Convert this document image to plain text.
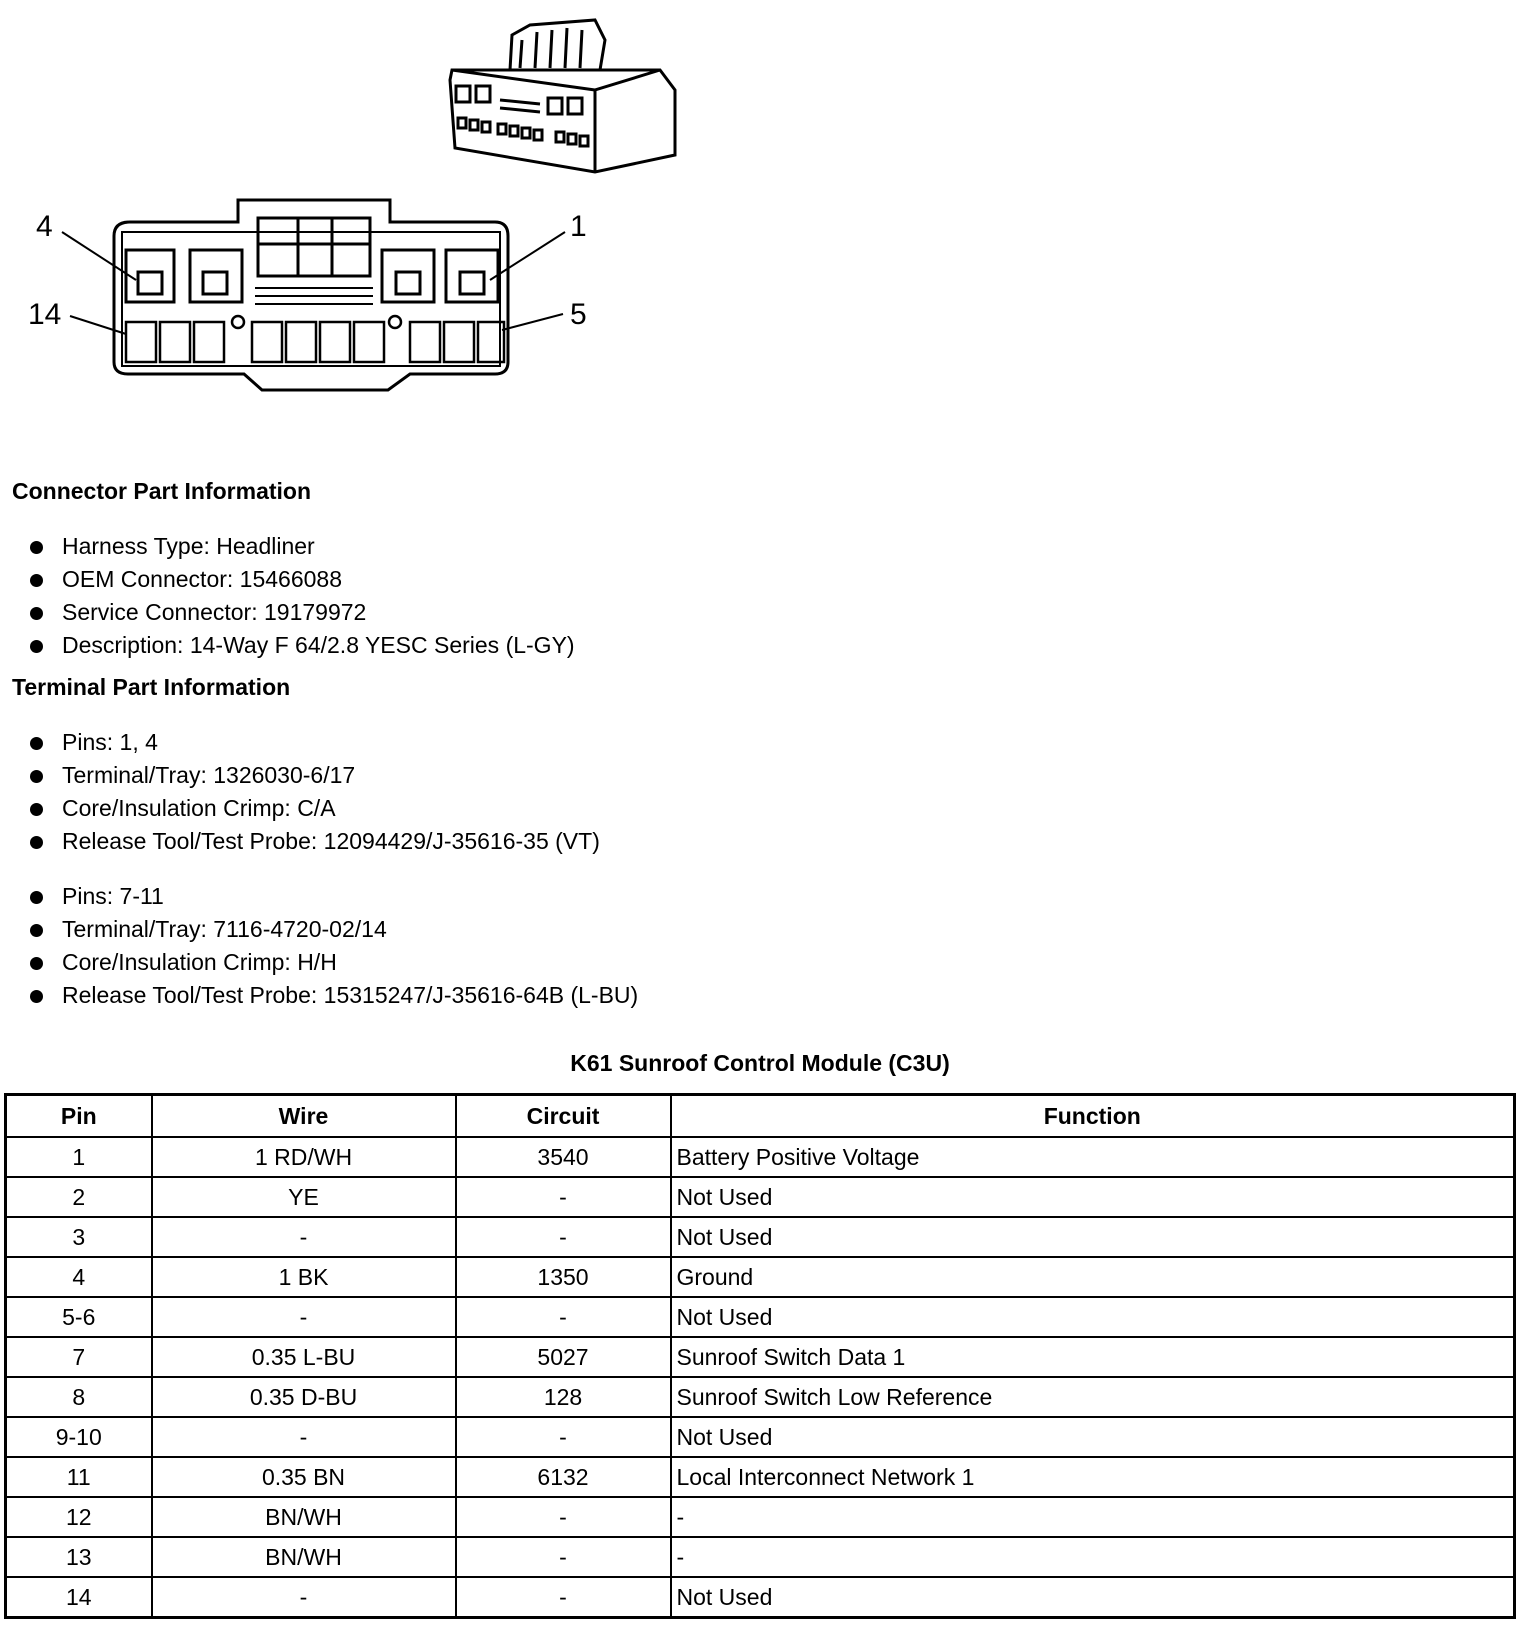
4	1
14	5
Connector Part Information
Harness Type: Headliner
OEM Connector: 15466088
Service Connector: 19179972
Description: 14-Way F 64/2.8 YESC Series (L-GY)
Terminal Part Information
Pins: 1, 4
Terminal/Tray: 1326030-6/17
Core/Insulation Crimp: C/A
Release Tool/Test Probe: 12094429/J-35616-35 (VT)
Pins: 7-11
Terminal/Tray: 7116-4720-02/14
Core/Insulation Crimp: H/H
Release Tool/Test Probe: 15315247/J-35616-64B (L-BU)
K61 Sunroof Control Module (C3U)
Pin	Wire	Circuit	Function
1	1 RD/WH	3540	Battery Positive Voltage
2	YE	-	Not Used
3	-	-	Not Used
4	1 BK	1350	Ground
5-6	-	-	Not Used
7	0.35 L-BU	5027	Sunroof Switch Data 1
8	0.35 D-BU	128	Sunroof Switch Low Reference
9-10	-	-	Not Used
11	0.35 BN	6132	Local Interconnect Network 1
12	BN/WH	-	-
13	BN/WH	-	-
14	-	-	Not Used
